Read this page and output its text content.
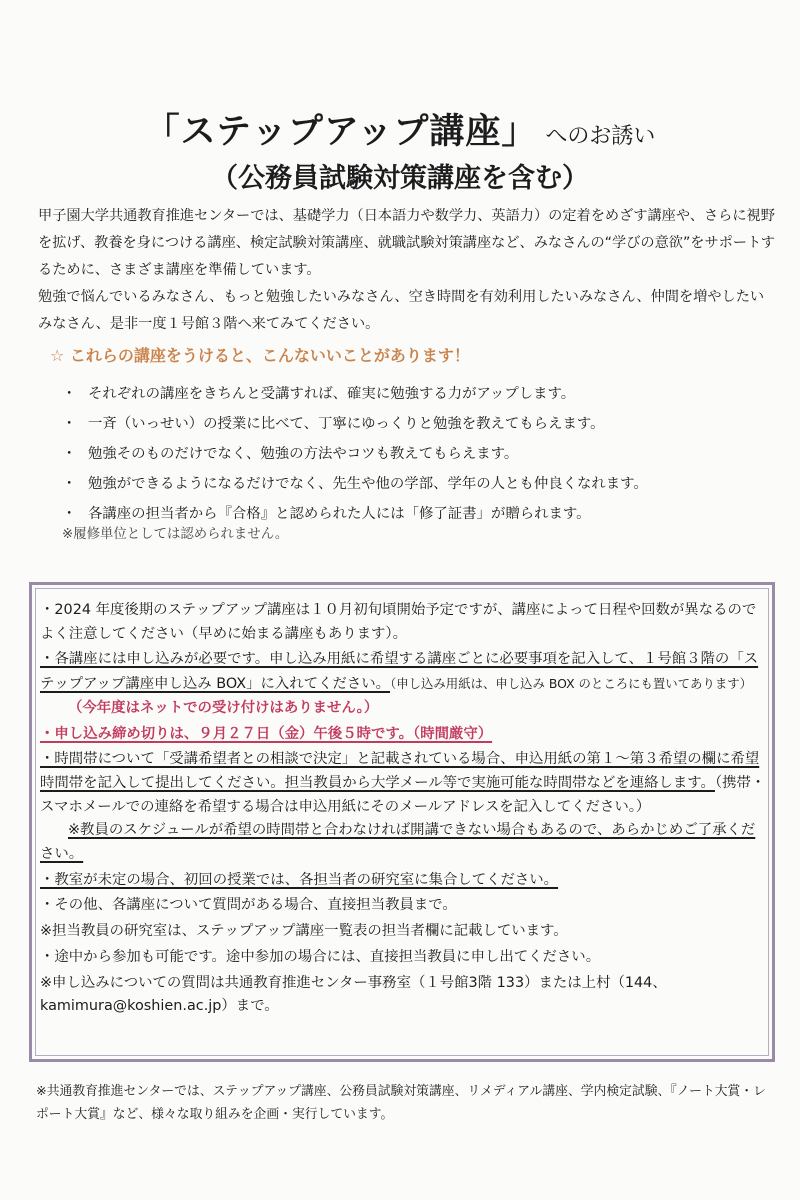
「ステップアップ講座」 へのお誘い
（公務員試験対策講座を含む）

甲子園大学共通教育推進センターでは、基礎学力（日本語力や数学力、英語力）の定着をめざす講座や、さらに視野を拡げ、教養を身につける講座、検定試験対策講座、就職試験対策講座など、みなさんの“学びの意欲”をサポートするために、さまざま講座を準備しています。

勉強で悩んでいるみなさん、もっと勉強したいみなさん、空き時間を有効利用したいみなさん、仲間を増やしたいみなさん、是非一度１号館３階へ来てみてください。

☆ これらの講座をうけると、こんないいことがあります！
・ それぞれの講座をきちんと受講すれば、確実に勉強する力がアップします。
・ 一斉（いっせい）の授業に比べて、丁寧にゆっくりと勉強を教えてもらえます。
・ 勉強そのものだけでなく、勉強の方法やコツも教えてもらえます。
・ 勉強ができるようになるだけでなく、先生や他の学部、学年の人とも仲良くなれます。
・ 各講座の担当者から『合格』と認められた人には「修了証書」が贈られます。
※履修単位としては認められません。
・2024 年度後期のステップアップ講座は１０月初旬頃開始予定ですが、講座によって日程や回数が異なるのでよく注意してください（早めに始まる講座もあります）。
・各講座には申し込みが必要です。申し込み用紙に希望する講座ごとに必要事項を記入して、１号館３階の「ステップアップ講座申し込み BOX」に入れてください。（申し込み用紙は、申し込み BOX のところにも置いてあります）
（今年度はネットでの受け付けはありません。）
・申し込み締め切りは、９月２７日（金）午後５時です。（時間厳守）
・時間帯について「受講希望者との相談で決定」と記載されている場合、申込用紙の第１～第３希望の欄に希望時間帯を記入して提出してください。担当教員から大学メール等で実施可能な時間帯などを連絡します。（携帯・スマホメールでの連絡を希望する場合は申込用紙にそのメールアドレスを記入してください。）
※教員のスケジュールが希望の時間帯と合わなければ開講できない場合もあるので、あらかじめご了承ください。
・教室が未定の場合、初回の授業では、各担当者の研究室に集合してください。
・その他、各講座について質問がある場合、直接担当教員まで。
※担当教員の研究室は、ステップアップ講座一覧表の担当者欄に記載しています。
・途中から参加も可能です。途中参加の場合には、直接担当教員に申し出てください。
※申し込みについての質問は共通教育推進センター事務室（１号館3階 133）または上村（144、kamimura@koshien.ac.jp）まで。
※共通教育推進センターでは、ステップアップ講座、公務員試験対策講座、リメディアル講座、学内検定試験、『ノート大賞・レポート大賞』など、様々な取り組みを企画・実行しています。
